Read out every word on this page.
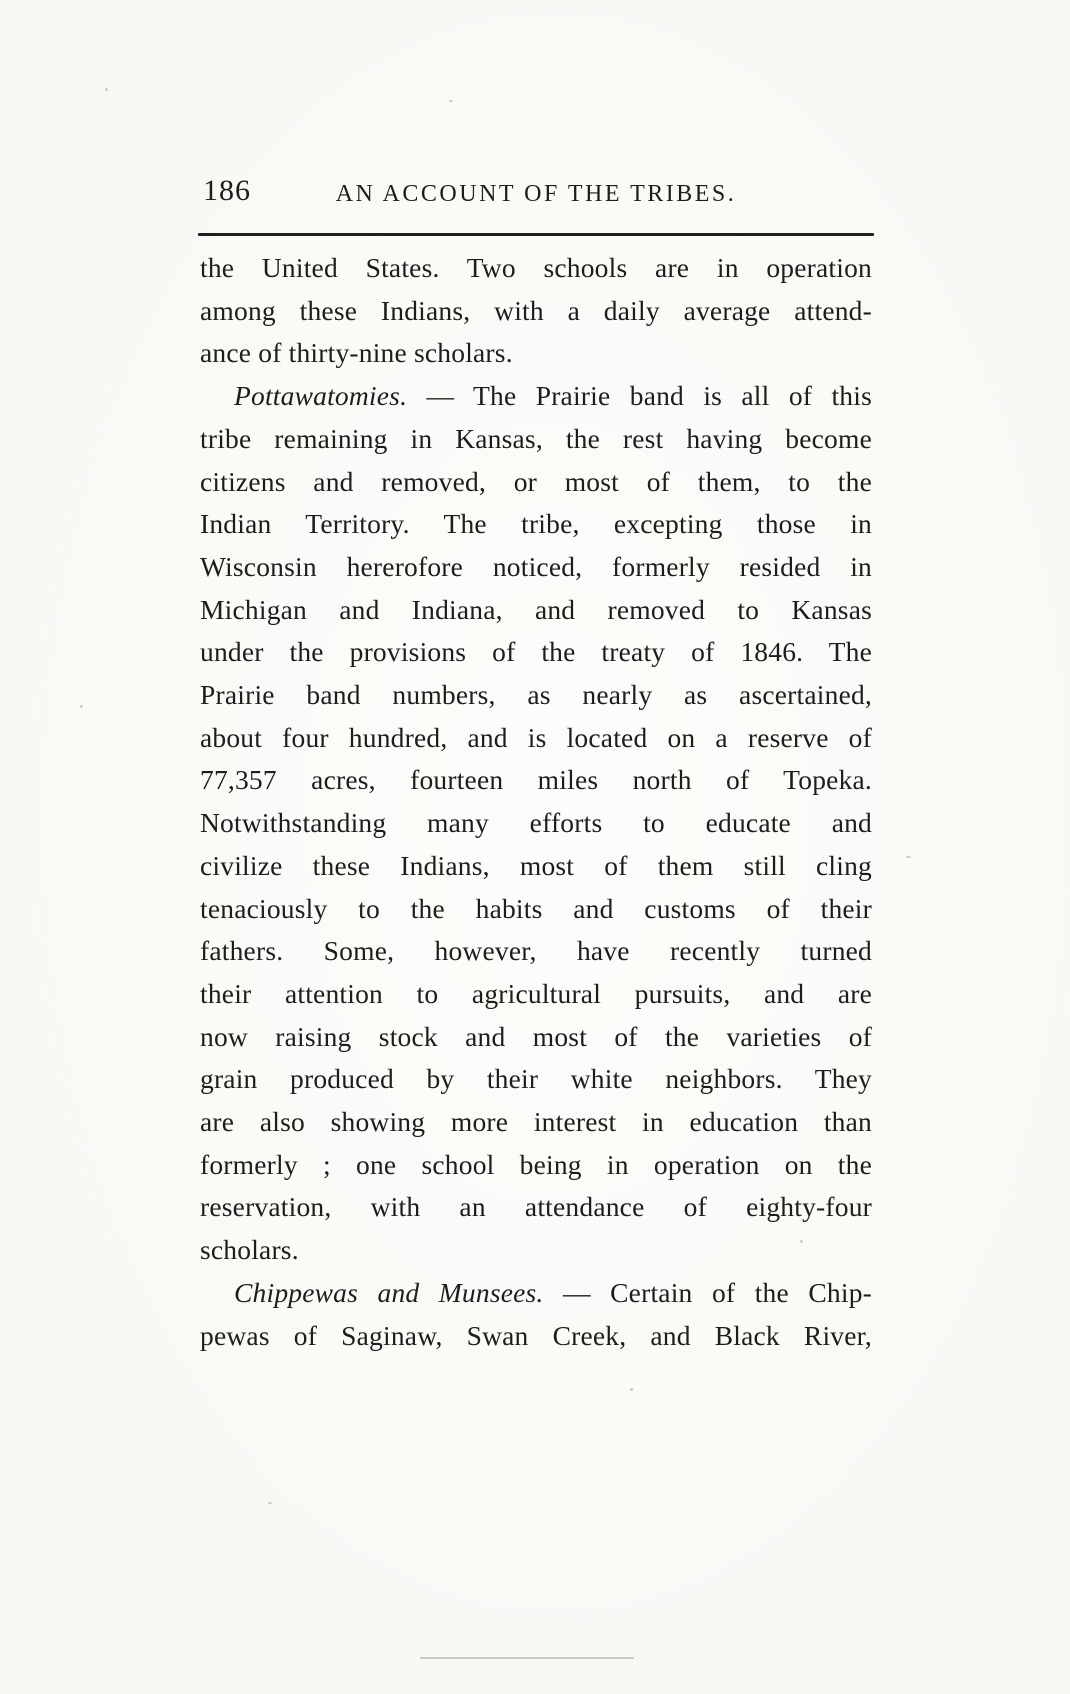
186	AN ACCOUNT OF THE TRIBES.
the United States. Two schools are in operation
among these Indians, with a daily average attend-
ance of thirty-nine scholars.
Pottawatomies. — The Prairie band is all of this
tribe remaining in Kansas, the rest having become
citizens and removed, or most of them, to the
Indian Territory. The tribe, excepting those in
Wisconsin hererofore noticed, formerly resided in
Michigan and Indiana, and removed to Kansas
under the provisions of the treaty of 1846. The
Prairie band numbers, as nearly as ascertained,
about four hundred, and is located on a reserve of
77,357 acres, fourteen miles north of Topeka.
Notwithstanding many efforts to educate and
civilize these Indians, most of them still cling
tenaciously to the habits and customs of their
fathers. Some, however, have recently turned
their attention to agricultural pursuits, and are
now raising stock and most of the varieties of
grain produced by their white neighbors. They
are also showing more interest in education than
formerly ; one school being in operation on the
reservation, with an attendance of eighty-four
scholars.
Chippewas and Munsees. — Certain of the Chip-
pewas of Saginaw, Swan Creek, and Black River,
